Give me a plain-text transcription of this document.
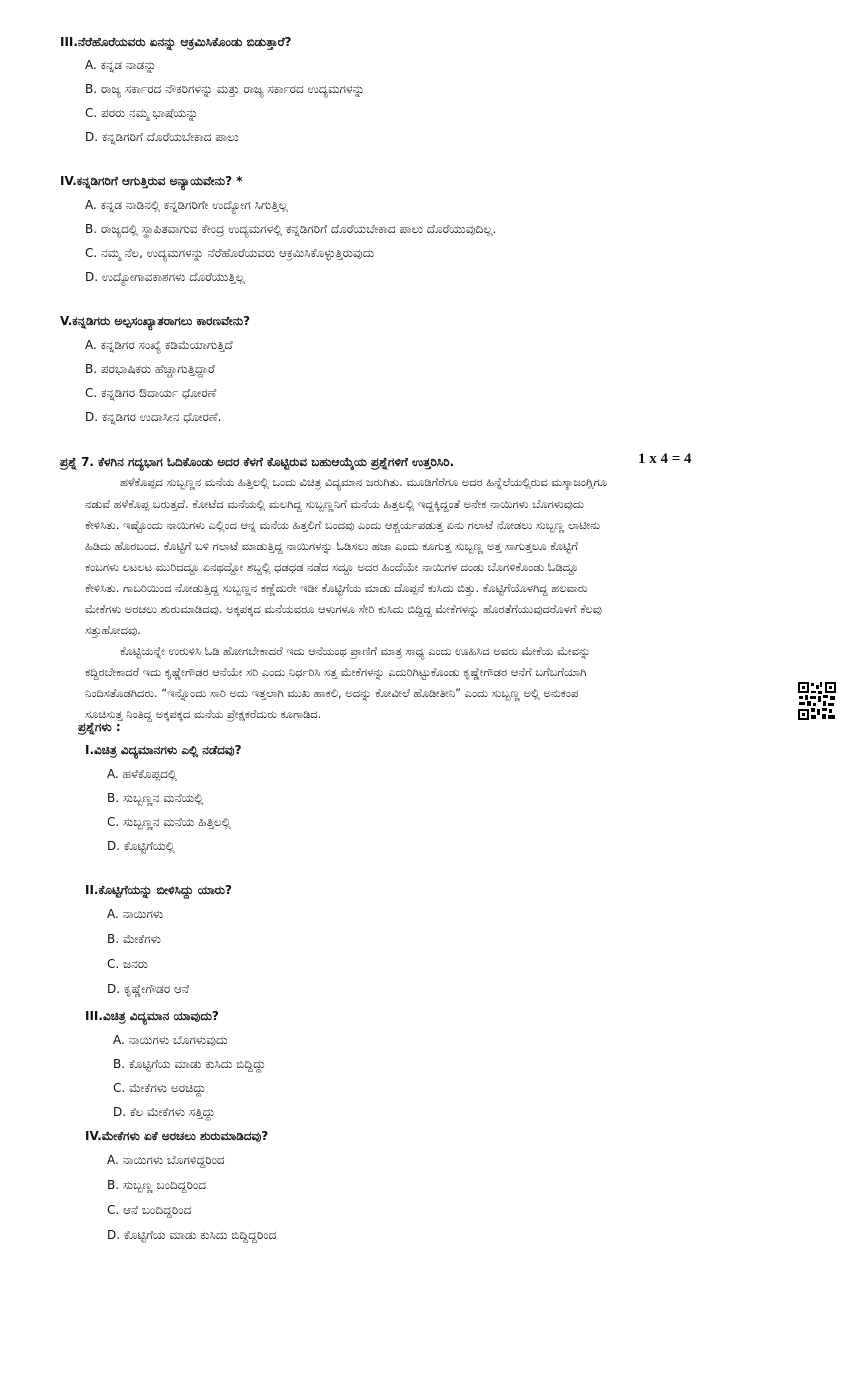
III.ನೆರೆಹೊರೆಯವರು ಏನನ್ನು ಆಕ್ರಮಿಸಿಕೊಂಡು ಬಿಡುತ್ತಾರೆ?
A. ಕನ್ನಡ ನಾಡನ್ನು
B. ರಾಜ್ಯ ಸರ್ಕಾರದ ನೌಕರಿಗಳನ್ನು ಮತ್ತು ರಾಜ್ಯ ಸರ್ಕಾರದ ಉದ್ಯಮಗಳನ್ನು
C. ಪರರು ನಮ್ಮ ಭಾಷೆಯನ್ನು
D. ಕನ್ನಡಿಗರಿಗೆ ದೊರೆಯಬೇಕಾದ ಪಾಲು
IV.ಕನ್ನಡಿಗರಿಗೆ ಆಗುತ್ತಿರುವ ಅನ್ಯಾಯವೇನು? *
A. ಕನ್ನಡ ನಾಡಿನಲ್ಲಿ ಕನ್ನಡಿಗರಿಗೇ ಉದ್ಯೋಗ ಸಿಗುತ್ತಿಲ್ಲ
B. ರಾಜ್ಯದಲ್ಲಿ ಸ್ಥಾಪಿತವಾಗುವ ಕೇಂದ್ರ ಉದ್ಯಮಗಳಲ್ಲಿ ಕನ್ನಡಿಗರಿಗೆ ದೊರೆಯಬೇಕಾದ ಪಾಲು ದೊರೆಯುವುದಿಲ್ಲ.
C. ನಮ್ಮ ನೆಲ, ಉದ್ಯಮಗಳನ್ನು ನೆರೆಹೊರೆಯವರು ಆಕ್ರಮಿಸಿಕೊಳ್ಳುತ್ತಿರುವುದು
D. ಉದ್ಯೋಗಾವಕಾಶಗಳು ದೊರೆಯುತ್ತಿಲ್ಲ
V.ಕನ್ನಡಿಗರು ಅಲ್ಪಸಂಖ್ಯಾತರಾಗಲು ಕಾರಣವೇನು?
A. ಕನ್ನಡಿಗರ ಸಂಖ್ಯೆ ಕಡಿಮೆಯಾಗುತ್ತಿದೆ
B. ಪರಭಾಷಿಕರು ಹೆಚ್ಚಾಗುತ್ತಿದ್ದಾರೆ
C. ಕನ್ನಡಿಗರ ಔದಾರ್ಯ ಧೋರಣೆ
D. ಕನ್ನಡಿಗರ ಉದಾಸೀನ ಧೋರಣೆ.
ಪ್ರಶ್ನೆ 7. ಕೆಳಗಿನ ಗದ್ಯಭಾಗ ಓದಿಕೊಂಡು ಅದರ ಕೆಳಗೆ ಕೊಟ್ಟಿರುವ ಬಹುಆಯ್ಕೆಯ ಪ್ರಶ್ನೆಗಳಿಗೆ ಉತ್ತರಿಸಿರಿ.	1 x 4 = 4
ಹಳೆಕೊಪ್ಪದ ಸುಬ್ಬಣ್ಣನ ಮನೆಯ ಹಿತ್ತಿಲಲ್ಲಿ ಒಂದು ವಿಚಿತ್ರ ವಿದ್ಯಮಾನ ಜರುಗಿತು. ಮೂಡಿಗೆರೆಗೂ ಅದರ ಹಿನ್ನೆಲೆಯಲ್ಲಿರುವ ಮಸ್ಕಾಜಂಗ್ಲಿಗೂ
ನಡುವೆ ಹಳೆಕೊಪ್ಪ ಬರುತ್ತದೆ. ಕೋಟೆದ ಮನೆಯಲ್ಲಿ ಮಲಗಿದ್ದ ಸುಬ್ಬಣ್ಣನಿಗೆ ಮನೆಯ ಹಿತ್ತಲಲ್ಲಿ ಇದ್ದಕ್ಕಿದ್ದಂತೆ ಅನೇಕ ನಾಯಿಗಳು ಬೊಗಳುವುದು
ಕೇಳಿಸಿತು. ಇಷ್ಟೊಂದು ನಾಯಿಗಳು ಎಲ್ಲಿಂದ ಆನ್ನ ಮನೆಯ ಹಿತ್ತಲಿಗೆ ಬಂದವು ಎಂದು ಆಶ್ಚರ್ಯಪಡುತ್ತ ಏನು ಗಲಾಟೆ ನೋಡಲು ಸುಬ್ಬಣ್ಣ ಲಾಟೀನು
ಹಿಡಿದು ಹೊರಬಂದ. ಕೊಟ್ಟಿಗೆ ಬಳಿ ಗಲಾಟೆ ಮಾಡುತ್ತಿದ್ದ ನಾಯಿಗಳನ್ನು ಓಡಿಸಲು ಹಜಾ ಎಂದು ಕೂಗುತ್ತ ಸುಬ್ಬಣ್ಣ ಅತ್ತ ಸಾಗುತ್ತಲೂ ಕೊಟ್ಟಿಗೆ
ಕಂಬಗಳು ಲಟಲಟ ಮುರಿದದ್ದೂ ಏನಥದ್ದೋ ಶಬ್ದಲ್ಲಿ ಧಡಧಡ ನಡೆದ ಸದ್ದೂ ಅದರ ಹಿಂದೆಯೇ ನಾಯಿಗಳ ದಂಡು ಬೊಗಳಿಕೊಂಡು ಓಡಿದ್ದೂ
ಕೇಳಿಸಿತು. ಗಾಬರಿಯಿಂದ ನೋಡುತ್ತಿದ್ದ ಸುಬ್ಬಣ್ಣನ ಕಣ್ಣೆದುರೇ ಇಡೀ ಕೊಟ್ಟಿಗೆಯ ಮಾಡು ದೊಪ್ಪನೆ ಕುಸಿದು ಬಿತ್ತು. ಕೊಟ್ಟಿಗೆಯೊಳಗಿದ್ದ ಹಲವಾರು
ಮೇಕೆಗಳು ಅರಚಲು ಶುರುಮಾಡಿದವು. ಅಕ್ಕಪಕ್ಕದ ಮನೆಯವರೂ ಆಳುಗಳೂ ಸೇರಿ ಕುಸಿದು ಬಿದ್ದಿದ್ದ ಮೇಕೆಗಳನ್ನು ಹೊರತೆಗೆಯುವುದರೊಳಗೆ ಕೆಲವು
ಸತ್ತುಹೋದವು.
ಕೊಟ್ಟಿಯನ್ನೇ ಉರುಳಿಸಿ ಓಡಿ ಹೋಗಬೇಕಾದರೆ ಇದು ಆನೆಯಂಥ ಪ್ರಾಣಿಗೆ ಮಾತ್ರ ಸಾಧ್ಯ ಎಂದು ಊಹಿಸಿದ ಅವರು ಮೇಕೆಯ ಮೇವನ್ನು
ಕದ್ದಿರಬೇಕಾದರೆ ಇದು ಕೃಷ್ಣೇಗೌಡರ ಆನೆಯೇ ಸರಿ ಎಂದು ನಿರ್ಧರಿಸಿ ಸತ್ತ ಮೇಕೆಗಳನ್ನು ಎದುರಿಗಿಟ್ಟುಕೊಂಡು ಕೃಷ್ಣೇಗೌಡರ ಆನೆಗೆ ಬಗೆಬಗೆಯಾಗಿ
ನಿಂದಿಸತೊಡಗಿದರು. “ಇನ್ನೊಂದು ಸಾರಿ ಅದು ಇತ್ತಲಾಗಿ ಮುಖ ಹಾಕಲಿ, ಅದನ್ನು ಕೋವೀಲೆ ಹೊಡೀತೀನಿ” ಎಂದು ಸುಬ್ಬಣ್ಣ ಅಲ್ಲಿ ಅನುಕಂಪ
ಸೂಚಿಸುತ್ತ ನಿಂತಿದ್ದ ಅಕ್ಕಪಕ್ಕದ ಮನೆಯ ಪ್ರೇಕ್ಷಕರೆದುರು ಕೂಗಾಡಿದ.
ಪ್ರಶ್ನೆಗಳು :
I.ವಿಚಿತ್ರ ವಿದ್ಯಮಾನಗಳು ಎಲ್ಲಿ ನಡೆದವು?
A. ಹಳೆಕೊಪ್ಪದಲ್ಲಿ
B. ಸುಬ್ಬಣ್ಣನ ಮನೆಯಲ್ಲಿ
C. ಸುಬ್ಬಣ್ಣನ ಮನೆಯ ಹಿತ್ತಿಲಲ್ಲಿ
D. ಕೊಟ್ಟಿಗೆಯಲ್ಲಿ
II.ಕೊಟ್ಟಿಗೆಯನ್ನು ಬೀಳಿಸಿದ್ದು ಯಾರು?
A. ನಾಯಿಗಳು
B. ಮೇಕೆಗಳು
C. ಜನರು
D. ಕೃಷ್ಣೇಗೌಡರ ಆನೆ
III.ವಿಚಿತ್ರ ವಿದ್ಯಮಾನ ಯಾವುದು?
A. ನಾಯಿಗಳು ಬೊಗಳುವುದು
B. ಕೊಟ್ಟಿಗೆಯ ಮಾಡು ಕುಸಿದು ಬಿದ್ದಿದ್ದು
C. ಮೇಕೆಗಳು ಅರಚಿದ್ದು
D. ಕೆಲ ಮೇಕೆಗಳು ಸತ್ತಿದ್ದು
IV.ಮೇಕೆಗಳು ಏಕೆ ಅರಚಲು ಶುರುಮಾಡಿದವು?
A. ನಾಯಿಗಳು ಬೊಗಳಿದ್ದರಿಂದ
B. ಸುಬ್ಬಣ್ಣ ಬಂದಿದ್ದರಿಂದ
C. ಆನೆ ಬಂದಿದ್ದರಿಂದ
D. ಕೊಟ್ಟಿಗೆಯ ಮಾಡು ಕುಸಿದು ಬಿದ್ದಿದ್ದರಿಂದ
